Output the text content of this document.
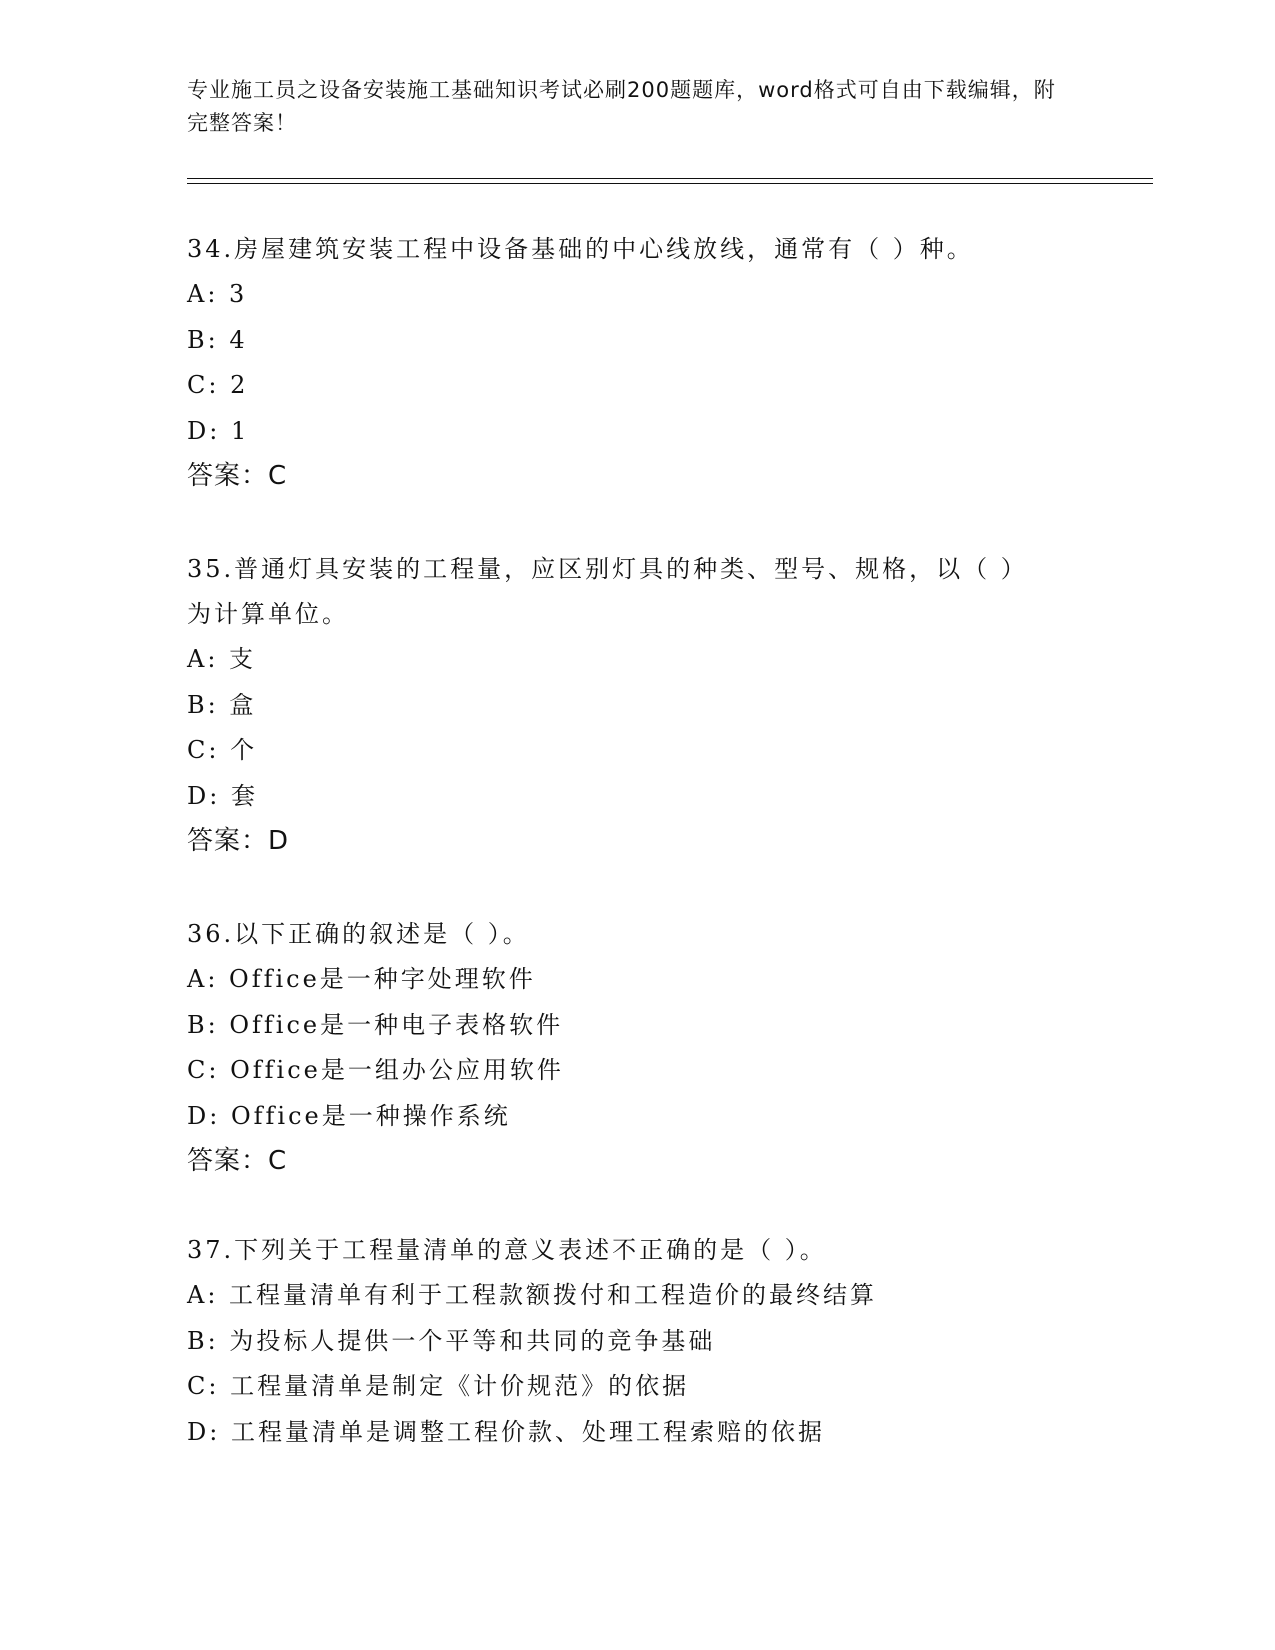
专业施工员之设备安装施工基础知识考试必刷200题题库，word格式可自由下载编辑，附完整答案！
34.房屋建筑安装工程中设备基础的中心线放线，通常有（ ）种。
A: 3
B: 4
C: 2
D: 1
答案：C
35.普通灯具安装的工程量，应区别灯具的种类、型号、规格，以（ ）为计算单位。
A: 支
B: 盒
C: 个
D: 套
答案：D
36.以下正确的叙述是（ ）。
A: Office是一种字处理软件
B: Office是一种电子表格软件
C: Office是一组办公应用软件
D: Office是一种操作系统
答案：C
37.下列关于工程量清单的意义表述不正确的是（ ）。
A: 工程量清单有利于工程款额拨付和工程造价的最终结算
B: 为投标人提供一个平等和共同的竞争基础
C: 工程量清单是制定《计价规范》的依据
D: 工程量清单是调整工程价款、处理工程索赔的依据
